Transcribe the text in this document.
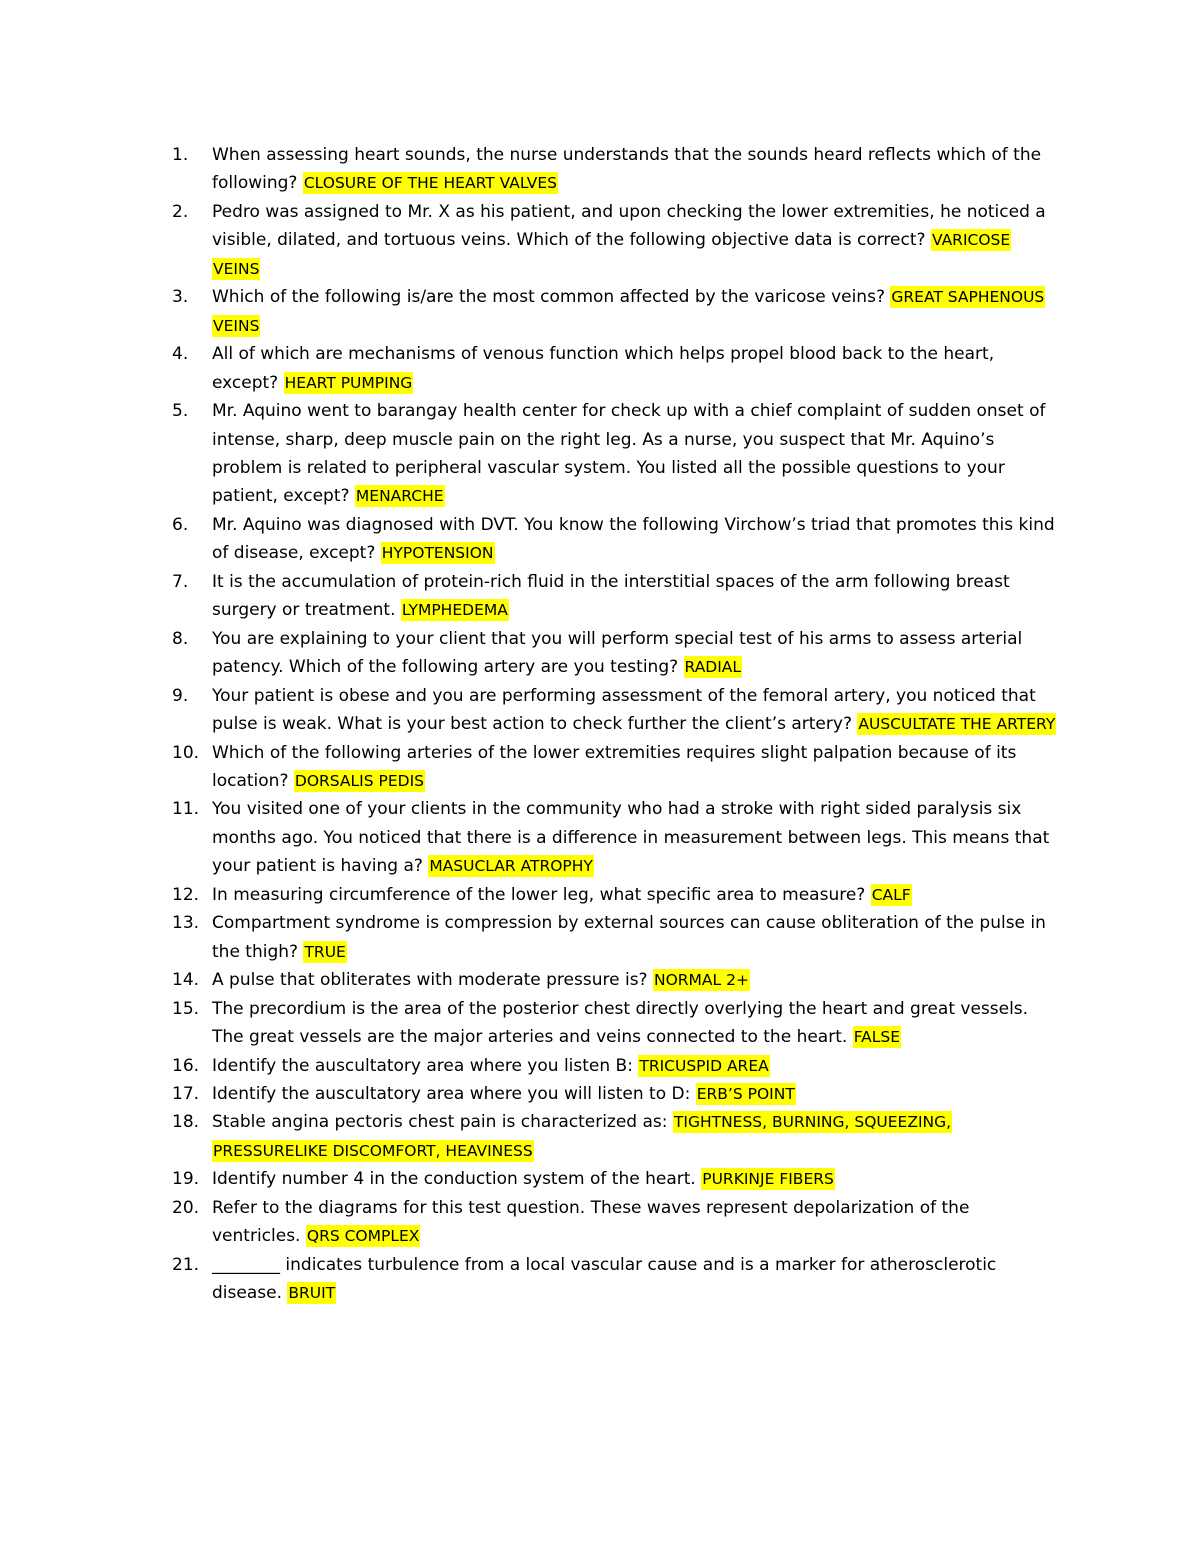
1.	When assessing heart sounds, the nurse understands that the sounds heard reflects which of the following? CLOSURE OF THE HEART VALVES
2.	Pedro was assigned to Mr. X as his patient, and upon checking the lower extremities, he noticed a visible, dilated, and tortuous veins. Which of the following objective data is correct? VARICOSE VEINS
3.	Which of the following is/are the most common affected by the varicose veins? GREAT SAPHENOUS VEINS
4.	All of which are mechanisms of venous function which helps propel blood back to the heart, except? HEART PUMPING
5.	Mr. Aquino went to barangay health center for check up with a chief complaint of sudden onset of intense, sharp, deep muscle pain on the right leg. As a nurse, you suspect that Mr. Aquino’s problem is related to peripheral vascular system. You listed all the possible questions to your patient, except? MENARCHE
6.	Mr. Aquino was diagnosed with DVT. You know the following Virchow’s triad that promotes this kind of disease, except? HYPOTENSION
7.	It is the accumulation of protein-rich fluid in the interstitial spaces of the arm following breast surgery or treatment. LYMPHEDEMA
8.	You are explaining to your client that you will perform special test of his arms to assess arterial patency. Which of the following artery are you testing? RADIAL
9.	Your patient is obese and you are performing assessment of the femoral artery, you noticed that pulse is weak. What is your best action to check further the client’s artery? AUSCULTATE THE ARTERY
10. Which of the following arteries of the lower extremities requires slight palpation because of its location? DORSALIS PEDIS
11. You visited one of your clients in the community who had a stroke with right sided paralysis six months ago. You noticed that there is a difference in measurement between legs. This means that your patient is having a? MASUCLAR ATROPHY
12. In measuring circumference of the lower leg, what specific area to measure? CALF
13. Compartment syndrome is compression by external sources can cause obliteration of the pulse in the thigh? TRUE
14. A pulse that obliterates with moderate pressure is? NORMAL 2+
15. The precordium is the area of the posterior chest directly overlying the heart and great vessels. The great vessels are the major arteries and veins connected to the heart. FALSE
16. Identify the auscultatory area where you listen B: TRICUSPID AREA
17. Identify the auscultatory area where you will listen to D: ERB’S POINT
18. Stable angina pectoris chest pain is characterized as: TIGHTNESS, BURNING, SQUEEZING, PRESSURELIKE DISCOMFORT, HEAVINESS
19. Identify number 4 in the conduction system of the heart. PURKINJE FIBERS
20. Refer to the diagrams for this test question. These waves represent depolarization of the ventricles. QRS COMPLEX
21. ________ indicates turbulence from a local vascular cause and is a marker for atherosclerotic disease. BRUIT
